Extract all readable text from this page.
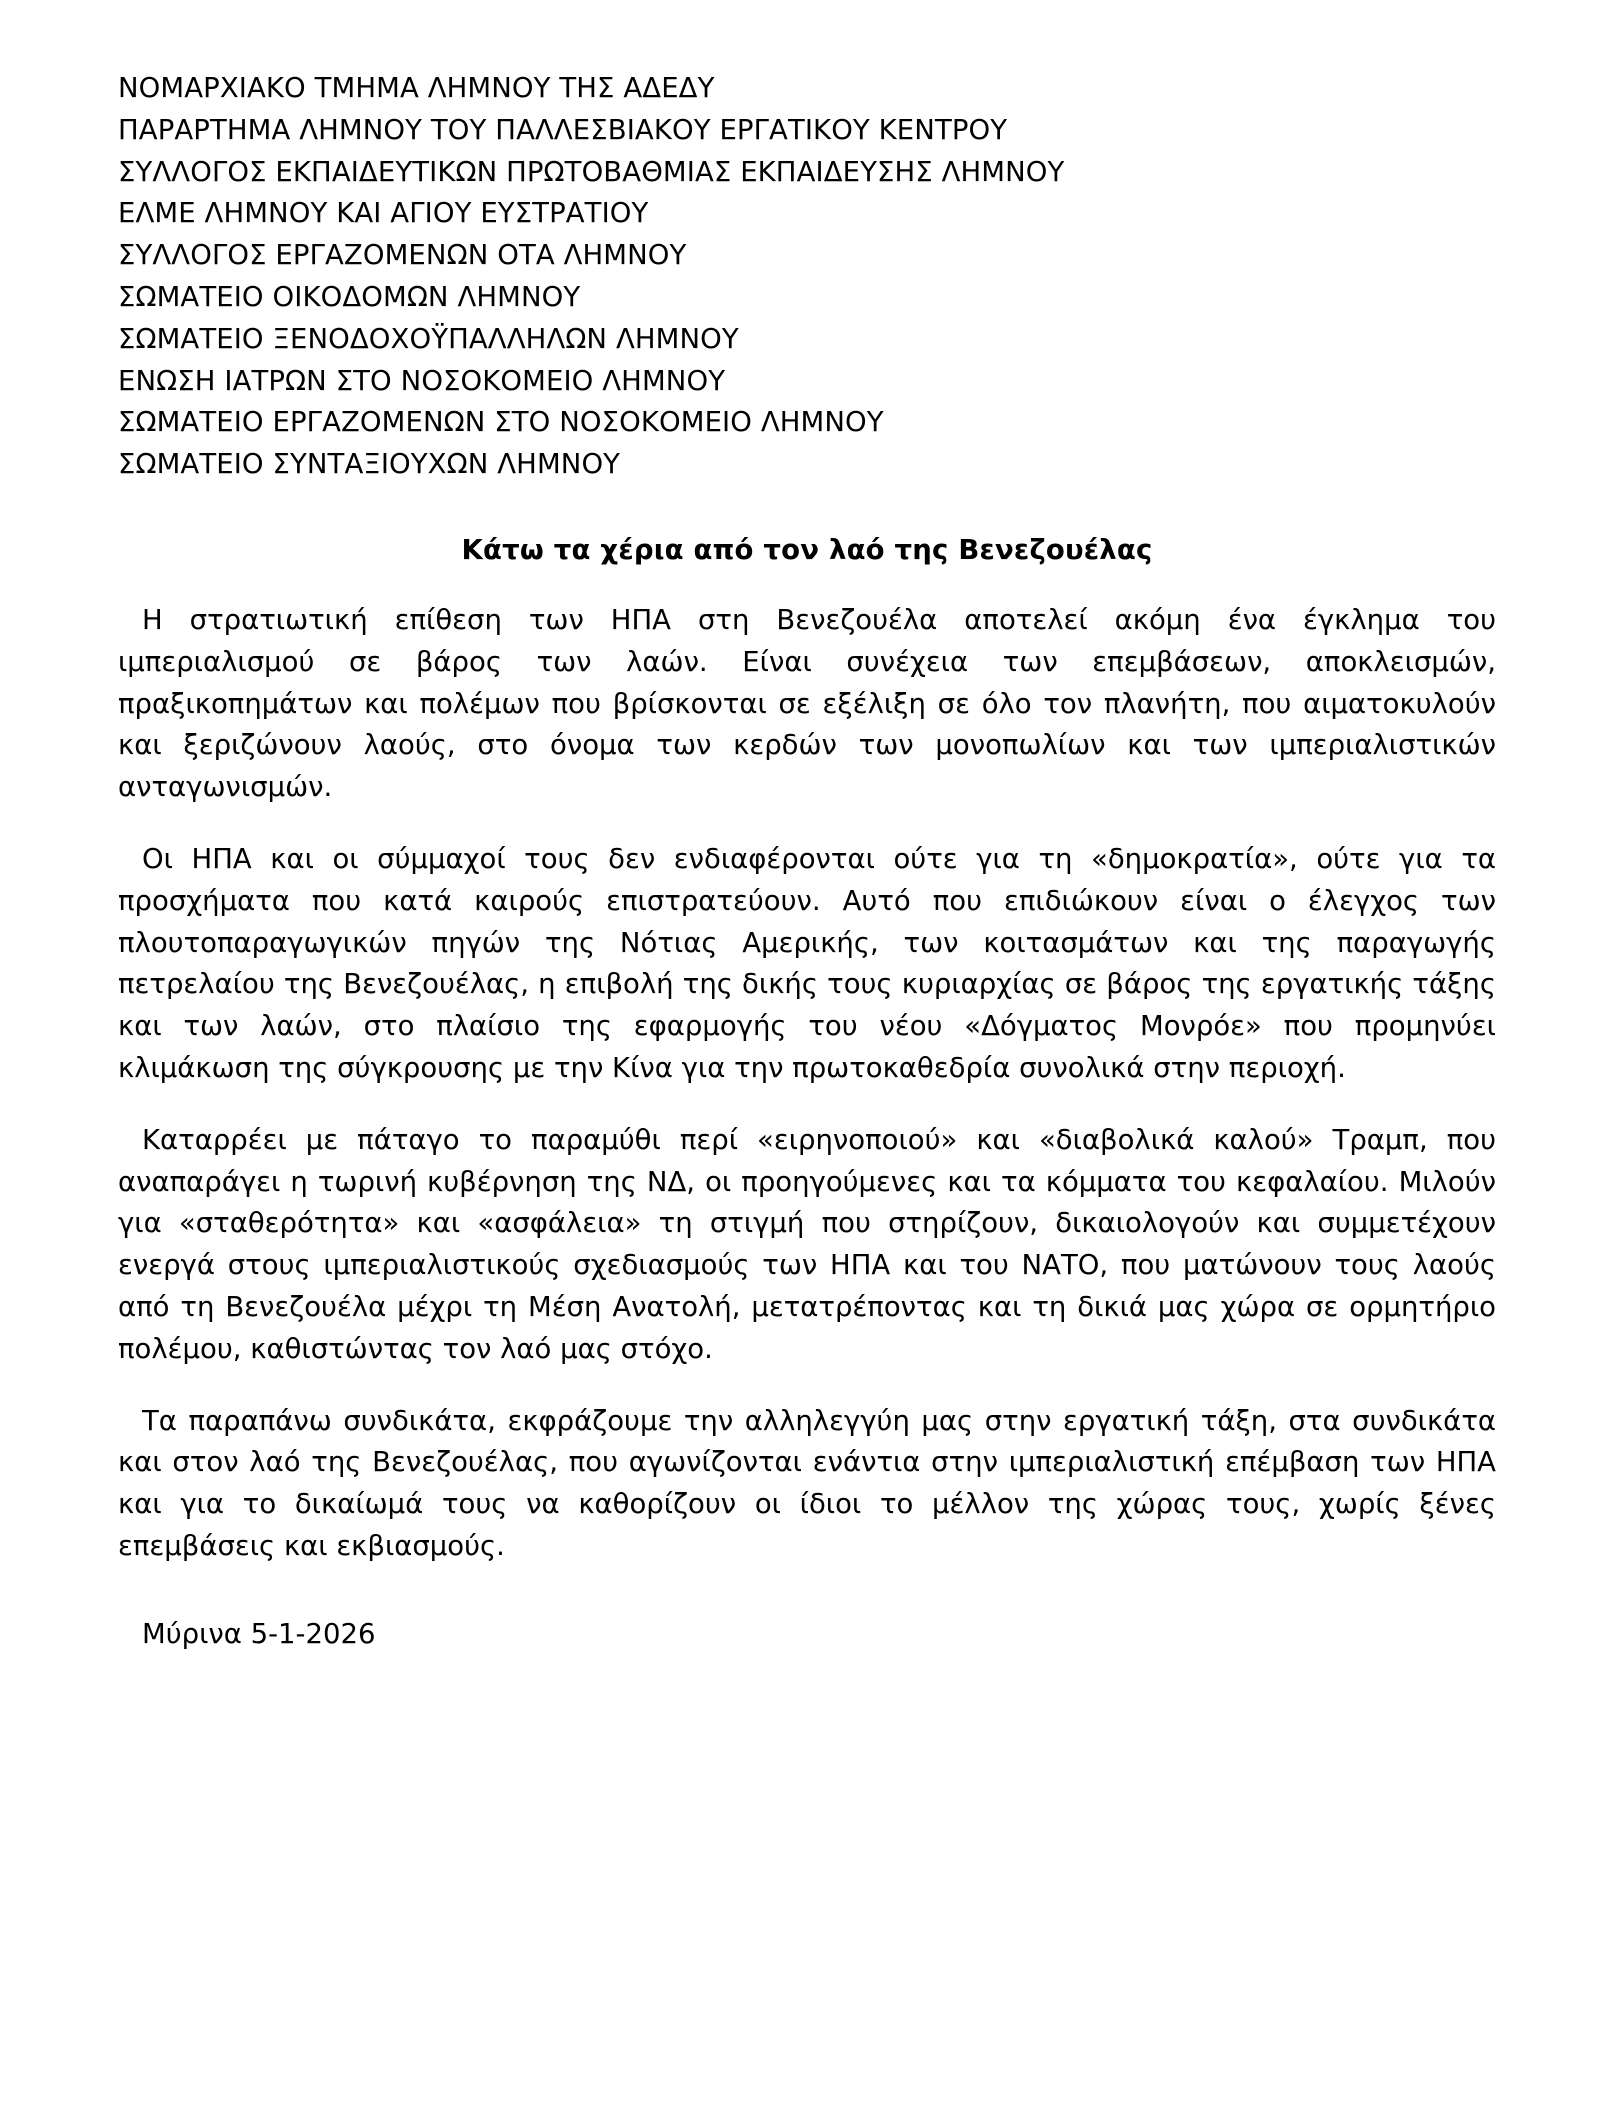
ΝΟΜΑΡΧΙΑΚΟ ΤΜΗΜΑ ΛΗΜΝΟΥ ΤΗΣ ΑΔΕΔΥ
ΠΑΡΑΡΤΗΜΑ ΛΗΜΝΟΥ ΤΟΥ ΠΑΛΛΕΣΒΙΑΚΟΥ ΕΡΓΑΤΙΚΟΥ ΚΕΝΤΡΟΥ
ΣΥΛΛΟΓΟΣ ΕΚΠΑΙΔΕΥΤΙΚΩΝ ΠΡΩΤΟΒΑΘΜΙΑΣ ΕΚΠΑΙΔΕΥΣΗΣ ΛΗΜΝΟΥ
ΕΛΜΕ ΛΗΜΝΟΥ ΚΑΙ ΑΓΙΟΥ ΕΥΣΤΡΑΤΙΟΥ
ΣΥΛΛΟΓΟΣ ΕΡΓΑΖΟΜΕΝΩΝ ΟΤΑ ΛΗΜΝΟΥ
ΣΩΜΑΤΕΙΟ ΟΙΚΟΔΟΜΩΝ ΛΗΜΝΟΥ
ΣΩΜΑΤΕΙΟ ΞΕΝΟΔΟΧΟΫΠΑΛΛΗΛΩΝ ΛΗΜΝΟΥ
ΕΝΩΣΗ ΙΑΤΡΩΝ ΣΤΟ ΝΟΣΟΚΟΜΕΙΟ ΛΗΜΝΟΥ
ΣΩΜΑΤΕΙΟ ΕΡΓΑΖΟΜΕΝΩΝ ΣΤΟ ΝΟΣΟΚΟΜΕΙΟ ΛΗΜΝΟΥ
ΣΩΜΑΤΕΙΟ ΣΥΝΤΑΞΙΟΥΧΩΝ ΛΗΜΝΟΥ
Κάτω τα χέρια από τον λαό της Βενεζουέλας

Η στρατιωτική επίθεση των ΗΠΑ στη Βενεζουέλα αποτελεί ακόμη ένα έγκλημα του ιμπεριαλισμού σε βάρος των λαών. Είναι συνέχεια των επεμβάσεων, αποκλεισμών, πραξικοπημάτων και πολέμων που βρίσκονται σε εξέλιξη σε όλο τον πλανήτη, που αιματοκυλούν και ξεριζώνουν λαούς, στο όνομα των κερδών των μονοπωλίων και των ιμπεριαλιστικών ανταγωνισμών.

Οι ΗΠΑ και οι σύμμαχοί τους δεν ενδιαφέρονται ούτε για τη «δημοκρατία», ούτε για τα προσχήματα που κατά καιρούς επιστρατεύουν. Αυτό που επιδιώκουν είναι ο έλεγχος των πλουτοπαραγωγικών πηγών της Νότιας Αμερικής, των κοιτασμάτων και της παραγωγής πετρελαίου της Βενεζουέλας, η επιβολή της δικής τους κυριαρχίας σε βάρος της εργατικής τάξης και των λαών, στο πλαίσιο της εφαρμογής του νέου «Δόγματος Μονρόε» που προμηνύει κλιμάκωση της σύγκρουσης με την Κίνα για την πρωτοκαθεδρία συνολικά στην περιοχή.

Καταρρέει με πάταγο το παραμύθι περί «ειρηνοποιού» και «διαβολικά καλού» Τραμπ, που αναπαράγει η τωρινή κυβέρνηση της ΝΔ, οι προηγούμενες και τα κόμματα του κεφαλαίου. Μιλούν για «σταθερότητα» και «ασφάλεια» τη στιγμή που στηρίζουν, δικαιολογούν και συμμετέχουν ενεργά στους ιμπεριαλιστικούς σχεδιασμούς των ΗΠΑ και του ΝΑΤΟ, που ματώνουν τους λαούς από τη Βενεζουέλα μέχρι τη Μέση Ανατολή, μετατρέποντας και τη δικιά μας χώρα σε ορμητήριο πολέμου, καθιστώντας τον λαό μας στόχο.

Τα παραπάνω συνδικάτα, εκφράζουμε την αλληλεγγύη μας στην εργατική τάξη, στα συνδικάτα και στον λαό της Βενεζουέλας, που αγωνίζονται ενάντια στην ιμπεριαλιστική επέμβαση των ΗΠΑ και για το δικαίωμά τους να καθορίζουν οι ίδιοι το μέλλον της χώρας τους, χωρίς ξένες επεμβάσεις και εκβιασμούς.

Μύρινα 5-1-2026
